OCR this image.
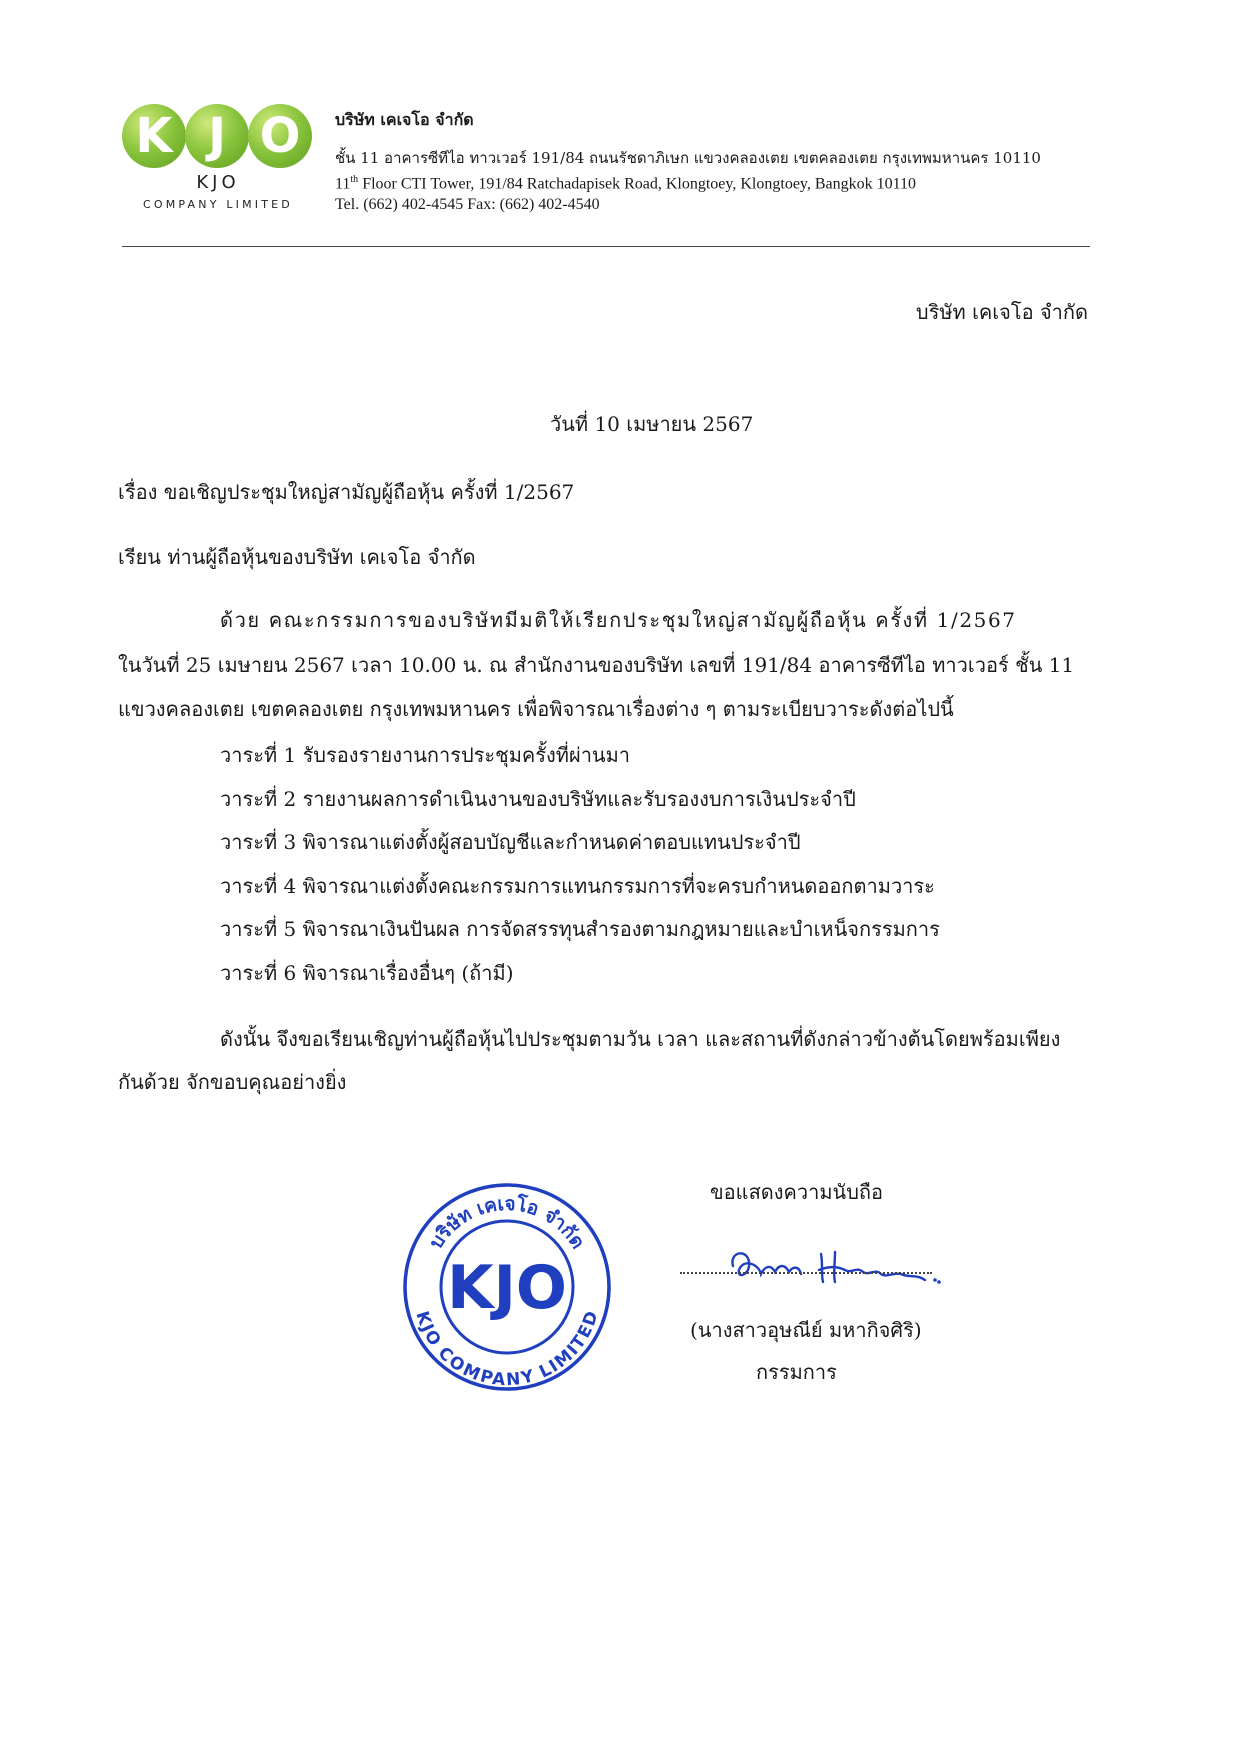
K J O
KJO
COMPANY LIMITED
บริษัท เคเจโอ จำกัด
ชั้น 11 อาคารซีทีไอ ทาวเวอร์ 191/84 ถนนรัชดาภิเษก แขวงคลองเตย เขตคลองเตย กรุงเทพมหานคร 10110
11th Floor CTI Tower, 191/84 Ratchadapisek Road, Klongtoey, Klongtoey, Bangkok 10110
Tel. (662) 402-4545 Fax: (662) 402-4540
บริษัท เคเจโอ จำกัด
วันที่ 10 เมษายน 2567
เรื่อง ขอเชิญประชุมใหญ่สามัญผู้ถือหุ้น ครั้งที่ 1/2567
เรียน ท่านผู้ถือหุ้นของบริษัท เคเจโอ จำกัด
ด้วย คณะกรรมการของบริษัทมีมติให้เรียกประชุมใหญ่สามัญผู้ถือหุ้น ครั้งที่ 1/2567
ในวันที่ 25 เมษายน 2567 เวลา 10.00 น. ณ สำนักงานของบริษัท เลขที่ 191/84 อาคารซีทีไอ ทาวเวอร์ ชั้น 11
แขวงคลองเตย เขตคลองเตย กรุงเทพมหานคร เพื่อพิจารณาเรื่องต่าง ๆ ตามระเบียบวาระดังต่อไปนี้
วาระที่ 1 รับรองรายงานการประชุมครั้งที่ผ่านมา
วาระที่ 2 รายงานผลการดำเนินงานของบริษัทและรับรองงบการเงินประจำปี
วาระที่ 3 พิจารณาแต่งตั้งผู้สอบบัญชีและกำหนดค่าตอบแทนประจำปี
วาระที่ 4 พิจารณาแต่งตั้งคณะกรรมการแทนกรรมการที่จะครบกำหนดออกตามวาระ
วาระที่ 5 พิจารณาเงินปันผล การจัดสรรทุนสำรองตามกฎหมายและบำเหน็จกรรมการ
วาระที่ 6 พิจารณาเรื่องอื่นๆ (ถ้ามี)
ดังนั้น จึงขอเรียนเชิญท่านผู้ถือหุ้นไปประชุมตามวัน เวลา และสถานที่ดังกล่าวข้างต้นโดยพร้อมเพียง
กันด้วย จักขอบคุณอย่างยิ่ง
บริษัท เคเจโอ จำกัด
KJO COMPANY LIMITED
KJO
ขอแสดงความนับถือ
(นางสาวอุษณีย์ มหากิจศิริ)
กรรมการ
